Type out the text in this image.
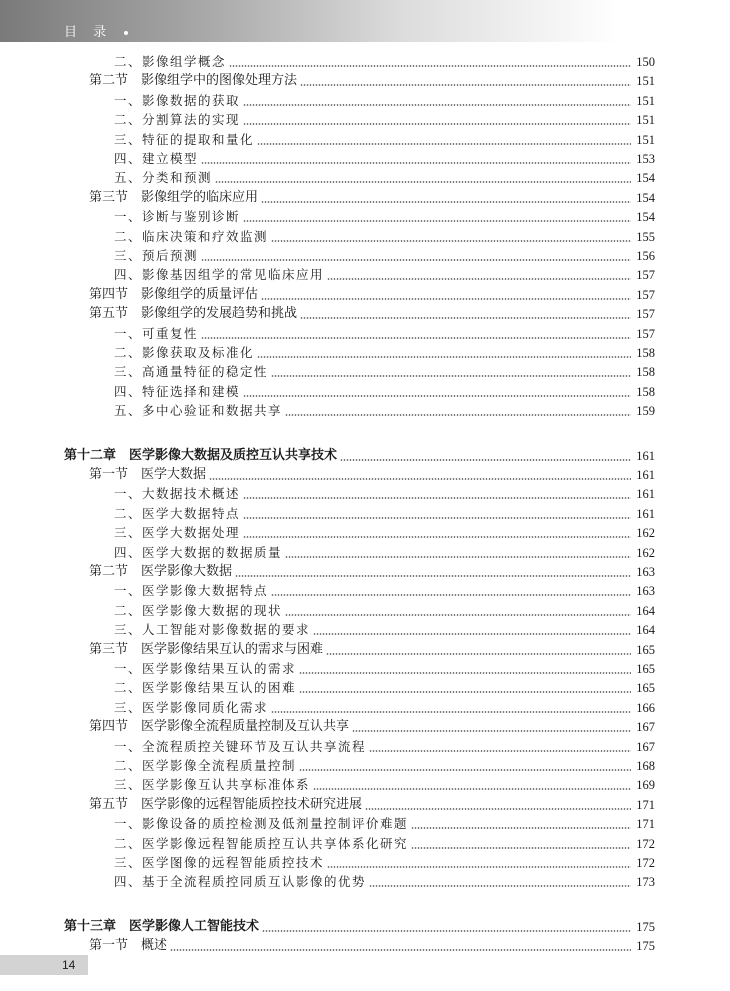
目 录
二、影像组学概念	150
第二节　影像组学中的图像处理方法	151
一、影像数据的获取	151
二、分割算法的实现	151
三、特征的提取和量化	151
四、建立模型	153
五、分类和预测	154
第三节　影像组学的临床应用	154
一、诊断与鉴别诊断	154
二、临床决策和疗效监测	155
三、预后预测	156
四、影像基因组学的常见临床应用	157
第四节　影像组学的质量评估	157
第五节　影像组学的发展趋势和挑战	157
一、可重复性	157
二、影像获取及标准化	158
三、高通量特征的稳定性	158
四、特征选择和建模	158
五、多中心验证和数据共享	159
第十二章　医学影像大数据及质控互认共享技术	161
第一节　医学大数据	161
一、大数据技术概述	161
二、医学大数据特点	161
三、医学大数据处理	162
四、医学大数据的数据质量	162
第二节　医学影像大数据	163
一、医学影像大数据特点	163
二、医学影像大数据的现状	164
三、人工智能对影像数据的要求	164
第三节　医学影像结果互认的需求与困难	165
一、医学影像结果互认的需求	165
二、医学影像结果互认的困难	165
三、医学影像同质化需求	166
第四节　医学影像全流程质量控制及互认共享	167
一、全流程质控关键环节及互认共享流程	167
二、医学影像全流程质量控制	168
三、医学影像互认共享标准体系	169
第五节　医学影像的远程智能质控技术研究进展	171
一、影像设备的质控检测及低剂量控制评价难题	171
二、医学影像远程智能质控互认共享体系化研究	172
三、医学图像的远程智能质控技术	172
四、基于全流程质控同质互认影像的优势	173
第十三章　医学影像人工智能技术	175
第一节　概述	175
14
